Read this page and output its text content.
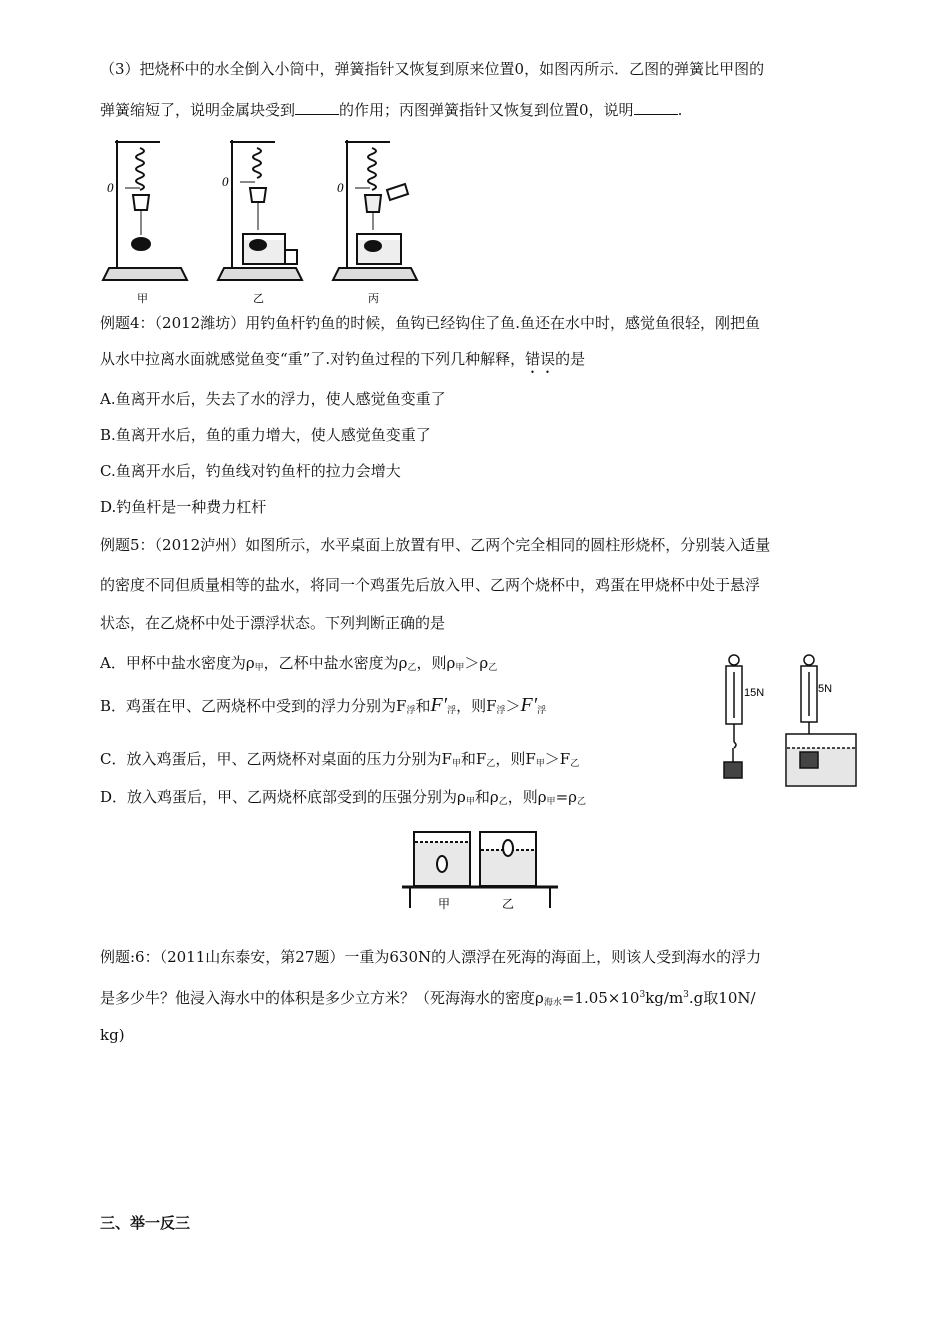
（3）把烧杯中的水全倒入小筒中，弹簧指针又恢复到原来位置0，如图丙所示．乙图的弹簧比甲图的
弹簧缩短了，说明金属块受到	的作用；丙图弹簧指针又恢复到位置0，说明	.
0	0	0
甲	乙	丙
例题4：（2012潍坊）用钓鱼杆钓鱼的时候，鱼钩已经钩住了鱼.鱼还在水中时，感觉鱼很轻，刚把鱼
从水中拉离水面就感觉鱼变“重”了.对钓鱼过程的下列几种解释，错误的是
A.鱼离开水后，失去了水的浮力，使人感觉鱼变重了
B.鱼离开水后，鱼的重力增大，使人感觉鱼变重了
C.鱼离开水后，钓鱼线对钓鱼杆的拉力会增大
D.钓鱼杆是一种费力杠杆
例题5：（2012泸州）如图所示，水平桌面上放置有甲、乙两个完全相同的圆柱形烧杯，分别装入适量
的密度不同但质量相等的盐水，将同一个鸡蛋先后放入甲、乙两个烧杯中，鸡蛋在甲烧杯中处于悬浮
状态，在乙烧杯中处于漂浮状态。下列判断正确的是
A．甲杯中盐水密度为$\rho_甲$，乙杯中盐水密度为$\rho_乙$，则$\rho_甲>\rho_乙$
B．鸡蛋在甲、乙两烧杯中受到的浮力分别为$F_浮$和$F'_浮$，则$F_浮>F'_浮$
C．放入鸡蛋后，甲、乙两烧杯对桌面的压力分别为$F_甲$和$F_乙$，则$F_甲>F_乙$
D．放入鸡蛋后，甲、乙两烧杯底部受到的压强分别为$\rho_甲$和$\rho_乙$，则$\rho_甲=\rho_乙$
15N	5N
甲	乙
例题:6：（2011山东泰安，第27题）一重为630N的人漂浮在死海的海面上，则该人受到海水的浮力
是多少牛？他浸入海水中的体积是多少立方米？（死海海水的密度$\rho_{海水}=1.05\times 10^3kg/m^3.g$取10N/
kg)
三、举一反三
